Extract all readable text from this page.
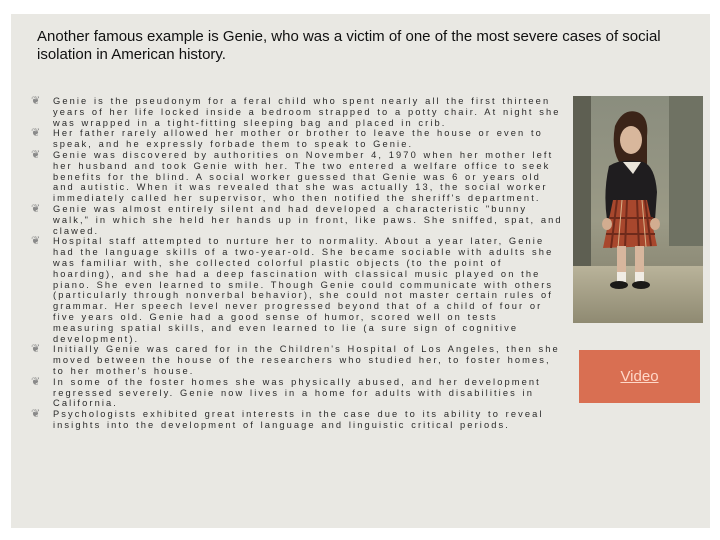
Another famous example is Genie, who was a victim of one of the most severe cases of social isolation in American history.
❦	Genie is the pseudonym for a feral child who spent nearly all the first thirteen years of her life locked inside a bedroom strapped to a potty chair. At night she was wrapped in a tight-fitting sleeping bag and placed in crib.
❦	Her father rarely allowed her mother or brother to leave the house or even to speak, and he expressly forbade them to speak to Genie.
❦	Genie was discovered by authorities on November 4, 1970 when her mother left her husband and took Genie with her. The two entered a welfare office to seek benefits for the blind. A social worker guessed that Genie was 6 or years old and autistic. When it was revealed that she was actually 13, the social worker immediately called her supervisor, who then notified the sheriff's department.
❦	Genie was almost entirely silent and had developed a characteristic "bunny walk," in which she held her hands up in front, like paws. She sniffed, spat, and clawed.
❦	Hospital staff attempted to nurture her to normality. About a year later, Genie had the language skills of a two-year-old. She became sociable with adults she was familiar with, she collected colorful plastic objects (to the point of hoarding), and she had a deep fascination with classical music played on the piano. She even learned to smile. Though Genie could communicate with others (particularly through nonverbal behavior), she could not master certain rules of grammar. Her speech level never progressed beyond that of a child of four or five years old. Genie had a good sense of humor, scored well on tests measuring spatial skills, and even learned to lie (a sure sign of cognitive development).
❦	Initially Genie was cared for in the Children's Hospital of Los Angeles, then she moved between the house of the researchers who studied her, to foster homes, to her mother's house.
❦	In some of the foster homes she was physically abused, and her development regressed severely. Genie now lives in a home for adults with disabilities in California.
❦	Psychologists exhibited great interests in the case due to its ability to reveal insights into the development of language and linguistic critical periods.
Video
